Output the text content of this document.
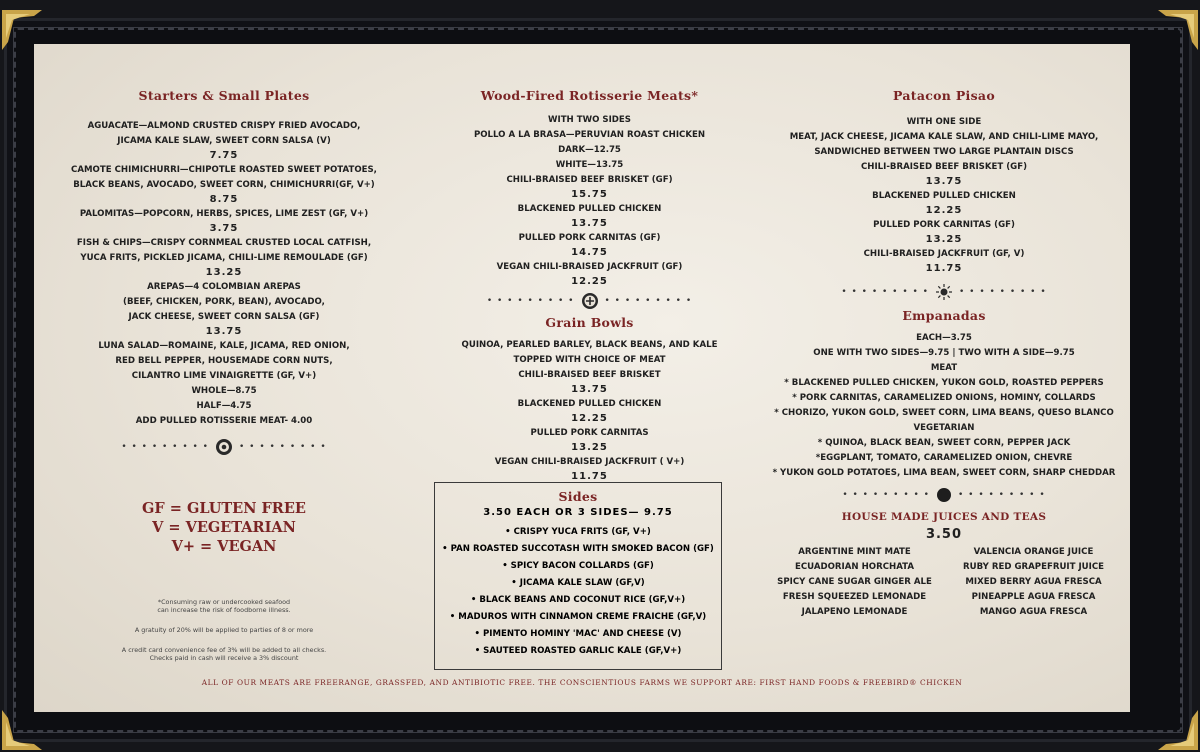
Starters & Small Plates
AGUACATE—ALMOND CRUSTED CRISPY FRIED AVOCADO,
JICAMA KALE SLAW, SWEET CORN SALSA (V)
7.75
CAMOTE CHIMICHURRI—CHIPOTLE ROASTED SWEET POTATOES,
BLACK BEANS, AVOCADO, SWEET CORN, CHIMICHURRI(GF, V+)
8.75
PALOMITAS—POPCORN, HERBS, SPICES, LIME ZEST (GF, V+)
3.75
FISH & CHIPS—CRISPY CORNMEAL CRUSTED LOCAL CATFISH,
YUCA FRITS, PICKLED JICAMA, CHILI-LIME REMOULADE (GF)
13.25
AREPAS—4 COLOMBIAN AREPAS
(BEEF, CHICKEN, PORK, BEAN), AVOCADO,
JACK CHEESE, SWEET CORN SALSA (GF)
13.75
LUNA SALAD—ROMAINE, KALE, JICAMA, RED ONION,
RED BELL PEPPER, HOUSEMADE CORN NUTS,
CILANTRO LIME VINAIGRETTE (GF, V+)
WHOLE—8.75
HALF—4.75
ADD PULLED ROTISSERIE MEAT- 4.00
• • • • • • • • •	• • • • • • • • •
GF = GLUTEN FREE
V = VEGETARIAN
V+ = VEGAN
*Consuming raw or undercooked seafood
can increase the risk of foodborne illness.
A gratuity of 20% will be applied to parties of 8 or more
A credit card convenience fee of 3% will be added to all checks.
Checks paid in cash will receive a 3% discount
Wood-Fired Rotisserie Meats*
WITH TWO SIDES
POLLO A LA BRASA—PERUVIAN ROAST CHICKEN
DARK—12.75
WHITE—13.75
CHILI-BRAISED BEEF BRISKET (GF)
15.75
BLACKENED PULLED CHICKEN
13.75
PULLED PORK CARNITAS (GF)
14.75
VEGAN CHILI-BRAISED JACKFRUIT (GF)
12.25
• • • • • • • • •	• • • • • • • • •
Grain Bowls
QUINOA, PEARLED BARLEY, BLACK BEANS, AND KALE
TOPPED WITH CHOICE OF MEAT
CHILI-BRAISED BEEF BRISKET
13.75
BLACKENED PULLED CHICKEN
12.25
PULLED PORK CARNITAS
13.25
VEGAN CHILI-BRAISED JACKFRUIT ( V+)
11.75
Sides
3.50 EACH OR 3 SIDES— 9.75
• CRISPY YUCA FRITS (GF, V+)
• PAN ROASTED SUCCOTASH WITH SMOKED BACON (GF)
• SPICY BACON COLLARDS (GF)
• JICAMA KALE SLAW (GF,V)
• BLACK BEANS AND COCONUT RICE (GF,V+)
• MADUROS WITH CINNAMON CREME FRAICHE (GF,V)
• PIMENTO HOMINY 'MAC' AND CHEESE (V)
• SAUTEED ROASTED GARLIC KALE (GF,V+)
Patacon Pisao
WITH ONE SIDE
MEAT, JACK CHEESE, JICAMA KALE SLAW, AND CHILI-LIME MAYO,
SANDWICHED BETWEEN TWO LARGE PLANTAIN DISCS
CHILI-BRAISED BEEF BRISKET (GF)
13.75
BLACKENED PULLED CHICKEN
12.25
PULLED PORK CARNITAS (GF)
13.25
CHILI-BRAISED JACKFRUIT (GF, V)
11.75
• • • • • • • • •	• • • • • • • • •
Empanadas
EACH—3.75
ONE WITH TWO SIDES—9.75 | TWO WITH A SIDE—9.75
MEAT
* BLACKENED PULLED CHICKEN, YUKON GOLD, ROASTED PEPPERS
* PORK CARNITAS, CARAMELIZED ONIONS, HOMINY, COLLARDS
* CHORIZO, YUKON GOLD, SWEET CORN, LIMA BEANS, QUESO BLANCO
VEGETARIAN
* QUINOA, BLACK BEAN, SWEET CORN, PEPPER JACK
*EGGPLANT, TOMATO, CARAMELIZED ONION, CHEVRE
* YUKON GOLD POTATOES, LIMA BEAN, SWEET CORN, SHARP CHEDDAR
• • • • • • • • •	• • • • • • • • •
HOUSE MADE JUICES AND TEAS
3.50
ARGENTINE MINT MATE
ECUADORIAN HORCHATA
SPICY CANE SUGAR GINGER ALE
FRESH SQUEEZED LEMONADE
JALAPENO LEMONADE
VALENCIA ORANGE JUICE
RUBY RED GRAPEFRUIT JUICE
MIXED BERRY AGUA FRESCA
PINEAPPLE AGUA FRESCA
MANGO AGUA FRESCA
ALL OF OUR MEATS ARE FREERANGE, GRASSFED, AND ANTIBIOTIC FREE. THE CONSCIENTIOUS FARMS WE SUPPORT ARE: FIRST HAND FOODS & FREEBIRD® CHICKEN
